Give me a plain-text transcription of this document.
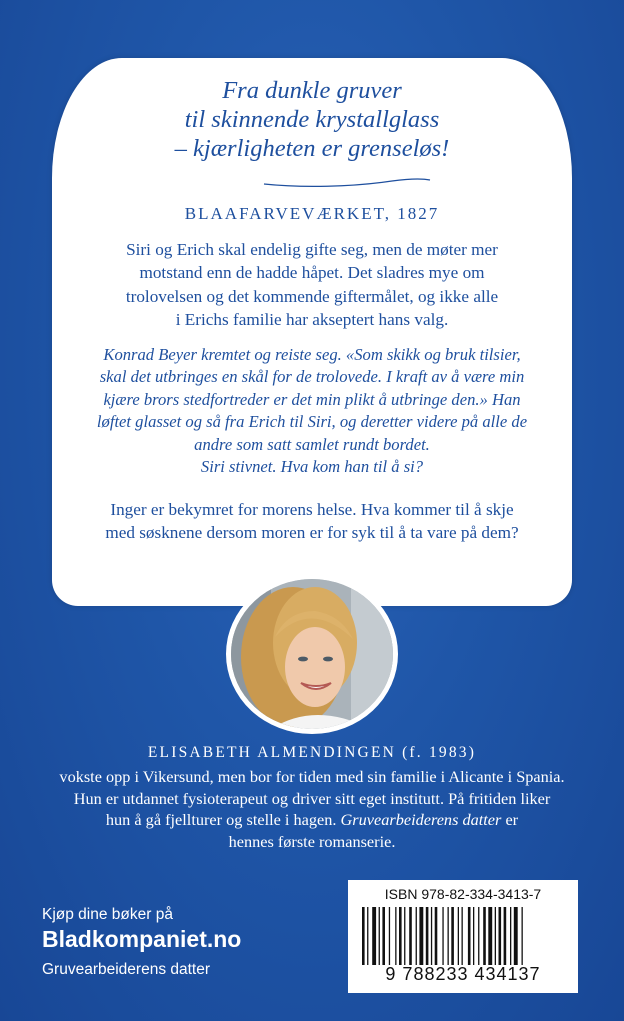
Fra dunkle gruver
til skinnende krystallglass
– kjærligheten er grenseløs!
BLAAFARVEVÆRKET, 1827
Siri og Erich skal endelig gifte seg, men de møter mer
motstand enn de hadde håpet. Det sladres mye om
trolovelsen og det kommende giftermålet, og ikke alle
i Erichs familie har akseptert hans valg.
Konrad Beyer kremtet og reiste seg. «Som skikk og bruk tilsier,
skal det utbringes en skål for de trolovede. I kraft av å være min
kjære brors stedfortreder er det min plikt å utbringe den.» Han
løftet glasset og så fra Erich til Siri, og deretter videre på alle de
andre som satt samlet rundt bordet.
Siri stivnet. Hva kom han til å si?
Inger er bekymret for morens helse. Hva kommer til å skje
med søsknene dersom moren er for syk til å ta vare på dem?
ELISABETH ALMENDINGEN (f. 1983)
vokste opp i Vikersund, men bor for tiden med sin familie i Alicante i Spania.
Hun er utdannet fysioterapeut og driver sitt eget institutt. På fritiden liker
hun å gå fjellturer og stelle i hagen. Gruvearbeiderens datter er
hennes første romanserie.
Kjøp dine bøker på
Bladkompaniet.no
Gruvearbeiderens datter
ISBN 978-82-334-3413-7
9 788233 434137
